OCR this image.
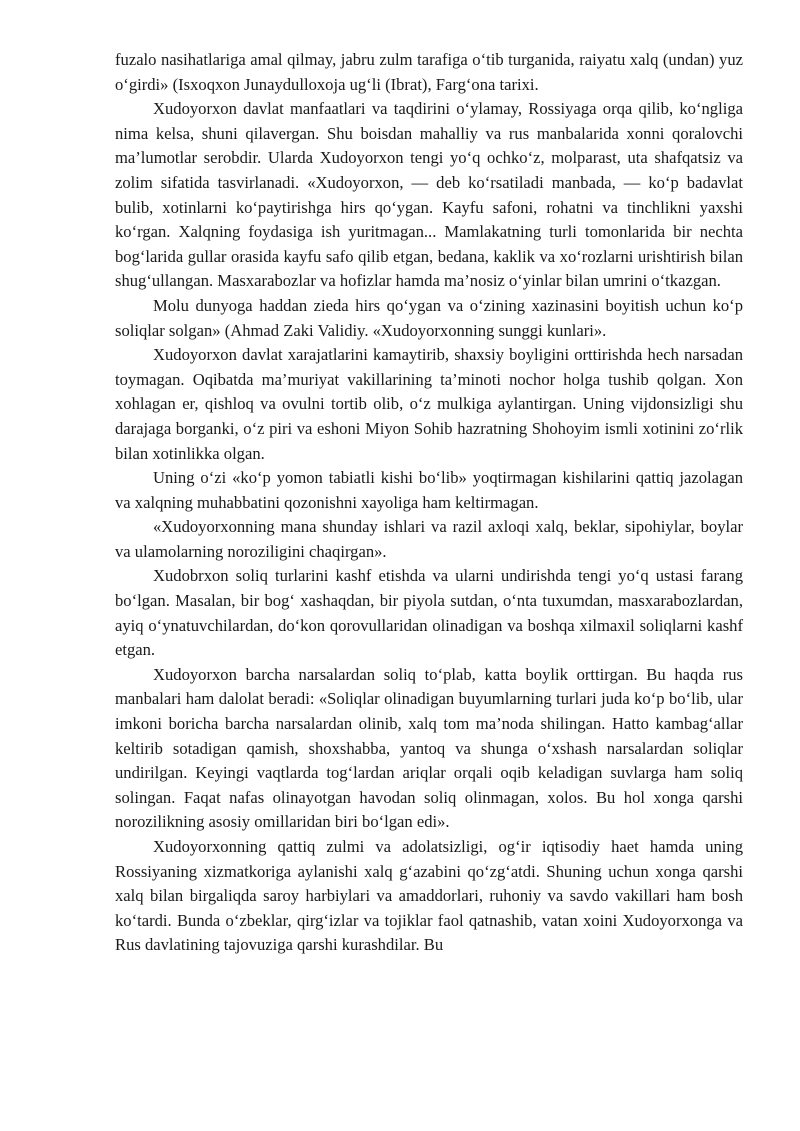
fuzalo nasihatlariga amal qilmay, jabru zulm tarafiga o‘tib turganida, raiyatu xalq (undan) yuz o‘girdi» (Isxoqxon Junaydulloxoja ug‘li (Ibrat), Farg‘ona tarixi.

Xudoyorxon davlat manfaatlari va taqdirini o‘ylamay, Rossiyaga orqa qilib, ko‘ngliga nima kelsa, shuni qilavergan. Shu boisdan mahalliy va rus manbalarida xonni qoralovchi ma’lumotlar serobdir. Ularda Xudoyorxon tengi yo‘q ochko‘z, molparast, uta shafqatsiz va zolim sifatida tasvirlanadi. «Xudoyorxon, — deb ko‘rsatiladi manbada, — ko‘p badavlat bulib, xotinlarni ko‘paytirishga hirs qo‘ygan. Kayfu safoni, rohatni va tinchlikni yaxshi ko‘rgan. Xalqning foydasiga ish yuritmagan... Mamlakatning turli tomonlarida bir nechta bog‘larida gullar orasida kayfu safo qilib etgan, bedana, kaklik va xo‘rozlarni urishtirish bilan shug‘ullangan. Masxarabozlar va hofizlar hamda ma’nosiz o‘yinlar bilan umrini o‘tkazgan.

Molu dunyoga haddan zieda hirs qo‘ygan va o‘zining xazinasini boyitish uchun ko‘p soliqlar solgan» (Ahmad Zaki Validiy. «Xudoyorxonning sunggi kunlari».

Xudoyorxon davlat xarajatlarini kamaytirib, shaxsiy boyligini orttirishda hech narsadan toymagan. Oqibatda ma’muriyat vakillarining ta’minoti nochor holga tushib qolgan. Xon xohlagan er, qishloq va ovulni tortib olib, o‘z mulkiga aylantirgan. Uning vijdonsizligi shu darajaga borganki, o‘z piri va eshoni Miyon Sohib hazratning Shohoyim ismli xotinini zo‘rlik bilan xotinlikka olgan.

Uning o‘zi «ko‘p yomon tabiatli kishi bo‘lib» yoqtirmagan kishilarini qattiq jazolagan va xalqning muhabbatini qozonishni xayoliga ham keltirmagan.

«Xudoyorxonning mana shunday ishlari va razil axloqi xalq, beklar, sipohiylar, boylar va ulamolarning noroziligini chaqirgan».

Xudobrxon soliq turlarini kashf etishda va ularni undirishda tengi yo‘q ustasi farang bo‘lgan. Masalan, bir bog‘ xashaqdan, bir piyola sutdan, o‘nta tuxumdan, masxarabozlardan, ayiq o‘ynatuvchilardan, do‘kon qorovullaridan olinadigan va boshqa xilmaxil soliqlarni kashf etgan.

Xudoyorxon barcha narsalardan soliq to‘plab, katta boylik orttirgan. Bu haqda rus manbalari ham dalolat beradi: «Soliqlar olinadigan buyumlarning turlari juda ko‘p bo‘lib, ular imkoni boricha barcha narsalardan olinib, xalq tom ma’noda shilingan. Hatto kambag‘allar keltirib sotadigan qamish, shoxshabba, yantoq va shunga o‘xshash narsalardan soliqlar undirilgan. Keyingi vaqtlarda tog‘lardan ariqlar orqali oqib keladigan suvlarga ham soliq solingan. Faqat nafas olinayotgan havodan soliq olinmagan, xolos. Bu hol xonga qarshi norozilikning asosiy omillaridan biri bo‘lgan edi».

Xudoyorxonning qattiq zulmi va adolatsizligi, og‘ir iqtisodiy haet hamda uning Rossiyaning xizmatkoriga aylanishi xalq g‘azabini qo‘zg‘atdi. Shuning uchun xonga qarshi xalq bilan birgaliqda saroy harbiylari va amaddorlari, ruhoniy va savdo vakillari ham bosh ko‘tardi. Bunda o‘zbeklar, qirg‘izlar va tojiklar faol qatnashib, vatan xoini Xudoyorxonga va Rus davlatining tajovuziga qarshi kurashdilar. Bu
